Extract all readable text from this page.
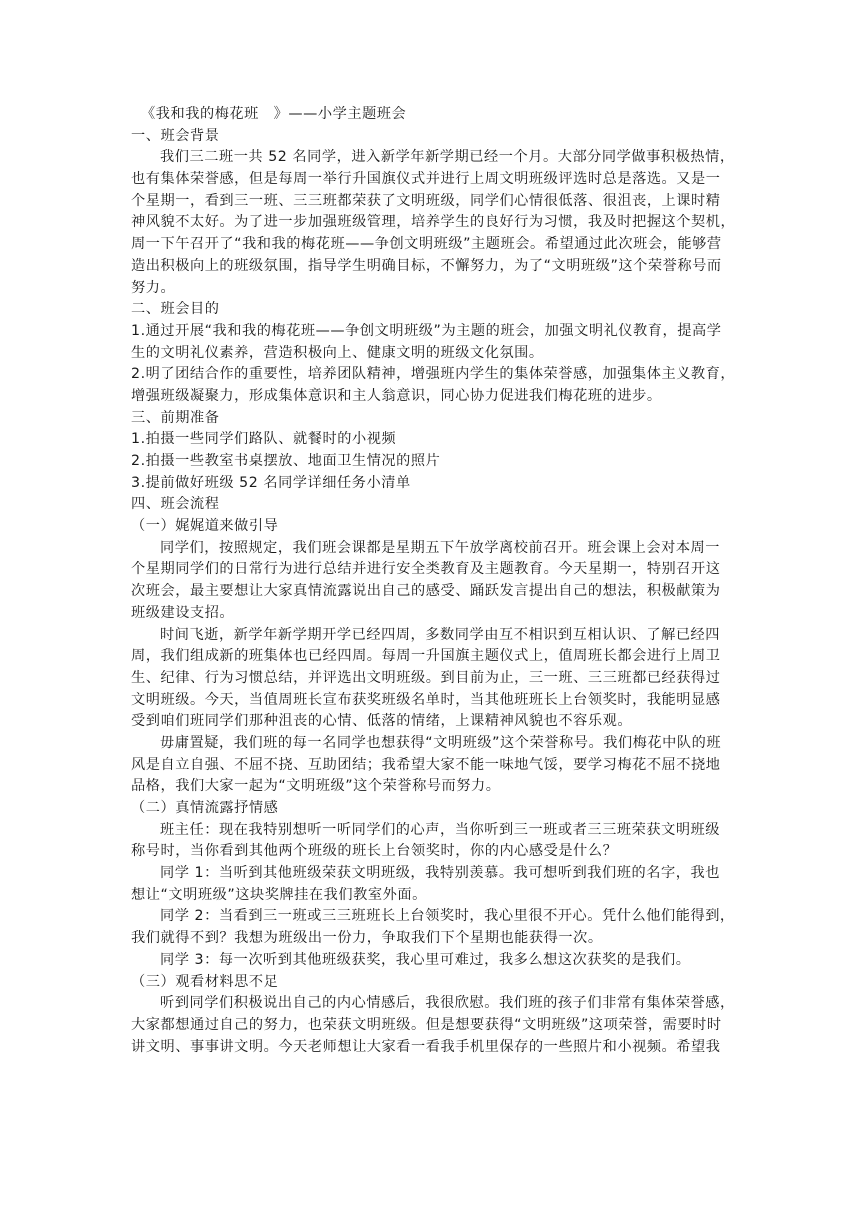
《我和我的梅花班　》——小学主题班会
一、班会背景
我们三二班一共 52 名同学，进入新学年新学期已经一个月。大部分同学做事积极热情，
也有集体荣誉感，但是每周一举行升国旗仪式并进行上周文明班级评选时总是落选。又是一
个星期一，看到三一班、三三班都荣获了文明班级，同学们心情很低落、很沮丧，上课时精
神风貌不太好。为了进一步加强班级管理，培养学生的良好行为习惯，我及时把握这个契机，
周一下午召开了“我和我的梅花班——争创文明班级”主题班会。希望通过此次班会，能够营
造出积极向上的班级氛围，指导学生明确目标，不懈努力，为了“文明班级”这个荣誉称号而
努力。
二、班会目的
1.通过开展“我和我的梅花班——争创文明班级”为主题的班会，加强文明礼仪教育，提高学
生的文明礼仪素养，营造积极向上、健康文明的班级文化氛围。
2.明了团结合作的重要性，培养团队精神，增强班内学生的集体荣誉感，加强集体主义教育，
增强班级凝聚力，形成集体意识和主人翁意识，同心协力促进我们梅花班的进步。
三、前期准备
1.拍摄一些同学们路队、就餐时的小视频
2.拍摄一些教室书桌摆放、地面卫生情况的照片
3.提前做好班级 52 名同学详细任务小清单
四、班会流程
（一）娓娓道来做引导
同学们，按照规定，我们班会课都是星期五下午放学离校前召开。班会课上会对本周一
个星期同学们的日常行为进行总结并进行安全类教育及主题教育。今天星期一，特别召开这
次班会，最主要想让大家真情流露说出自己的感受、踊跃发言提出自己的想法，积极献策为
班级建设支招。
时间飞逝，新学年新学期开学已经四周，多数同学由互不相识到互相认识、了解已经四
周，我们组成新的班集体也已经四周。每周一升国旗主题仪式上，值周班长都会进行上周卫
生、纪律、行为习惯总结，并评选出文明班级。到目前为止，三一班、三三班都已经获得过
文明班级。今天，当值周班长宣布获奖班级名单时，当其他班班长上台领奖时，我能明显感
受到咱们班同学们那种沮丧的心情、低落的情绪，上课精神风貌也不容乐观。
毋庸置疑，我们班的每一名同学也想获得“文明班级”这个荣誉称号。我们梅花中队的班
风是自立自强、不屈不挠、互助团结；我希望大家不能一味地气馁，要学习梅花不屈不挠地
品格，我们大家一起为“文明班级”这个荣誉称号而努力。
（二）真情流露抒情感
班主任：现在我特别想听一听同学们的心声，当你听到三一班或者三三班荣获文明班级
称号时，当你看到其他两个班级的班长上台领奖时，你的内心感受是什么？
同学 1：当听到其他班级荣获文明班级，我特别羡慕。我可想听到我们班的名字，我也
想让“文明班级”这块奖牌挂在我们教室外面。
同学 2：当看到三一班或三三班班长上台领奖时，我心里很不开心。凭什么他们能得到，
我们就得不到？我想为班级出一份力，争取我们下个星期也能获得一次。
同学 3：每一次听到其他班级获奖，我心里可难过，我多么想这次获奖的是我们。
（三）观看材料思不足
听到同学们积极说出自己的内心情感后，我很欣慰。我们班的孩子们非常有集体荣誉感，
大家都想通过自己的努力，也荣获文明班级。但是想要获得“文明班级”这项荣誉，需要时时
讲文明、事事讲文明。今天老师想让大家看一看我手机里保存的一些照片和小视频。希望我
